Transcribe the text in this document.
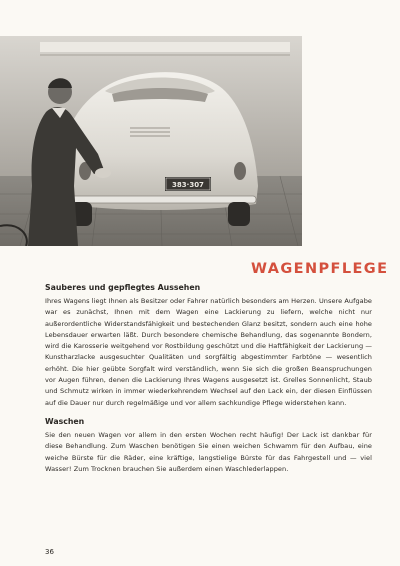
383·307
WAGENPFLEGE
Sauberes und gepflegtes Aussehen

Ihres Wagens liegt Ihnen als Besitzer oder Fahrer natürlich besonders am Herzen. Unsere Aufgabe war es zunächst, Ihnen mit dem Wagen eine Lackierung zu liefern, welche nicht nur außerordentliche Widerstandsfähigkeit und bestechenden Glanz besitzt, sondern auch eine hohe Lebensdauer erwarten läßt. Durch besondere chemische Behandlung, das sogenannte Bondern, wird die Karosserie weitgehend vor Rostbildung geschützt und die Haftfähigkeit der Lackierung — Kunstharzlacke ausgesuchter Qualitäten und sorgfältig abgestimmter Farbtöne — wesentlich erhöht. Die hier geübte Sorgfalt wird verständlich, wenn Sie sich die großen Beanspruchungen vor Augen führen, denen die Lackierung Ihres Wagens ausgesetzt ist. Grelles Sonnenlicht, Staub und Schmutz wirken in immer wiederkehrendem Wechsel auf den Lack ein, der diesen Einflüssen auf die Dauer nur durch regelmäßige und vor allem sachkundige Pflege widerstehen kann.

Waschen

Sie den neuen Wagen vor allem in den ersten Wochen recht häufig! Der Lack ist dankbar für diese Behandlung. Zum Waschen benötigen Sie einen weichen Schwamm für den Aufbau, eine weiche Bürste für die Räder, eine kräftige, langstielige Bürste für das Fahrgestell und — viel Wasser! Zum Trocknen brauchen Sie außerdem einen Waschlederlappen.

36
